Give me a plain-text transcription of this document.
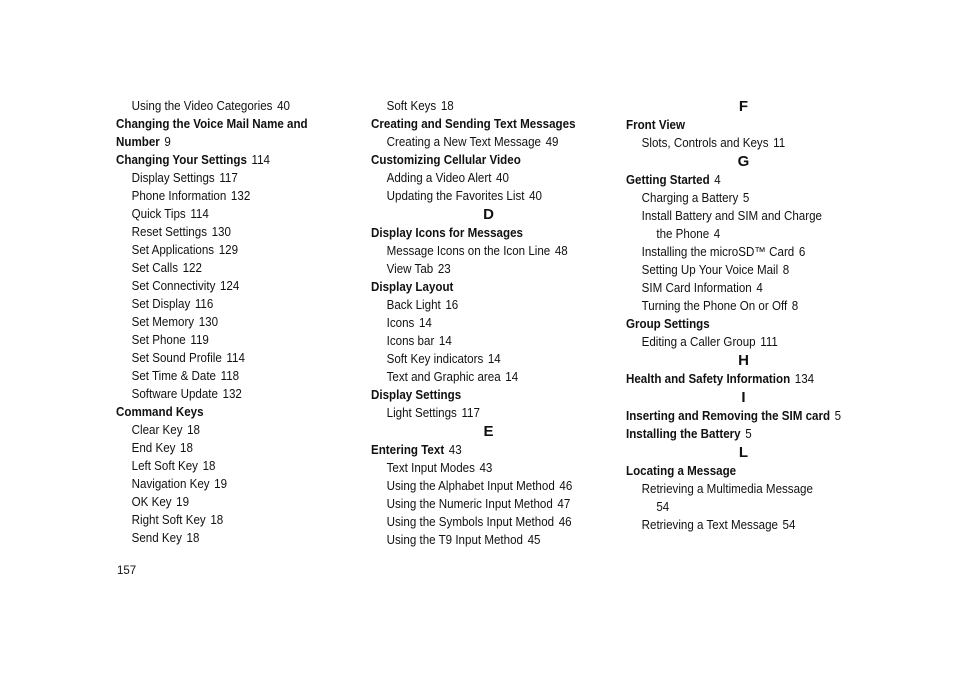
Using the Video Categories 40
Changing the Voice Mail Name and
Number 9
Changing Your Settings 114
Display Settings 117
Phone Information 132
Quick Tips 114
Reset Settings 130
Set Applications 129
Set Calls 122
Set Connectivity 124
Set Display 116
Set Memory 130
Set Phone 119
Set Sound Profile 114
Set Time & Date 118
Software Update 132
Command Keys
Clear Key 18
End Key 18
Left Soft Key 18
Navigation Key 19
OK Key 19
Right Soft Key 18
Send Key 18
Soft Keys 18
Creating and Sending Text Messages
Creating a New Text Message 49
Customizing Cellular Video
Adding a Video Alert 40
Updating the Favorites List 40
D
Display Icons for Messages
Message Icons on the Icon Line 48
View Tab 23
Display Layout
Back Light 16
Icons 14
Icons bar 14
Soft Key indicators 14
Text and Graphic area 14
Display Settings
Light Settings 117
E
Entering Text 43
Text Input Modes 43
Using the Alphabet Input Method 46
Using the Numeric Input Method 47
Using the Symbols Input Method 46
Using the T9 Input Method 45
F
Front View
Slots, Controls and Keys 11
G
Getting Started 4
Charging a Battery 5
Install Battery and SIM and Charge
the Phone 4
Installing the microSD™ Card 6
Setting Up Your Voice Mail 8
SIM Card Information 4
Turning the Phone On or Off 8
Group Settings
Editing a Caller Group 111
H
Health and Safety Information 134
I
Inserting and Removing the SIM card 5
Installing the Battery 5
L
Locating a Message
Retrieving a Multimedia Message
54
Retrieving a Text Message 54
157
